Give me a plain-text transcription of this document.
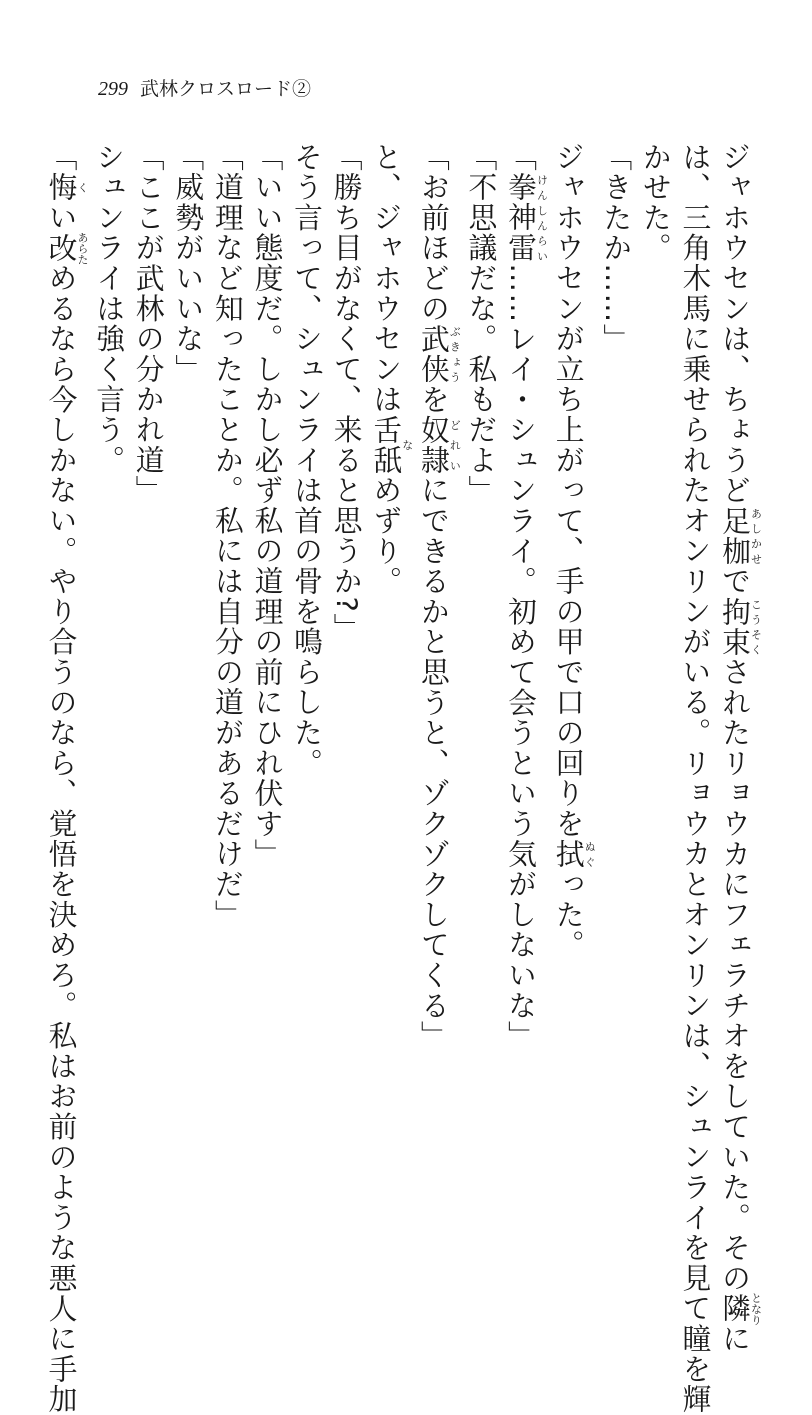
299 武林クロスロード②
ジャホウセンは、ちょうど足枷あしかせで拘束こうそくされたリョウカにフェラチオをしていた。その隣となりに
は、三角木馬に乗せられたオンリンがいる。リョウカとオンリンは、シュンライを見て瞳を輝
かせた。
「きたか……」
ジャホウセンが立ち上がって、手の甲で口の回りを拭ぬぐった。
「拳神雷けんしんらい……レイ・シュンライ。初めて会うという気がしないな」
「不思議だな。私もだよ」
「お前ほどの武侠ぶきょうを奴隷どれいにできるかと思うと、ゾクゾクしてくる」
と、ジャホウセンは舌舐なめずり。
「勝ち目がなくて、来ると思うか?」
そう言って、シュンライは首の骨を鳴らした。
「いい態度だ。しかし必ず私の道理の前にひれ伏す」
「道理など知ったことか。私には自分の道があるだけだ」
「威勢がいいな」
「ここが武林の分かれ道」
シュンライは強く言う。
「悔くい改あらためるなら今しかない。やり合うのなら、覚悟を決めろ。私はお前のような悪人に手加
